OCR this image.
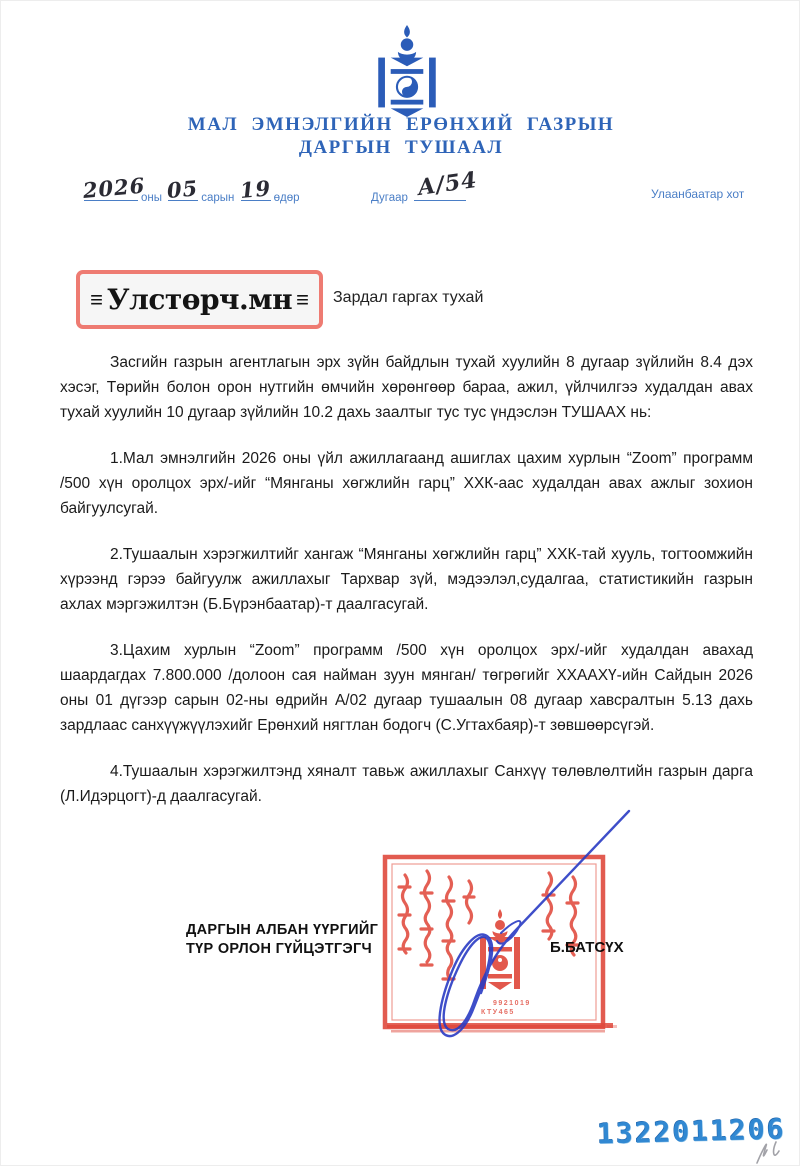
МАЛ ЭМНЭЛГИЙН ЕРӨНХИЙ ГАЗРЫН
ДАРГЫН ТУШААЛ
2026
оны 05 сарын 19 өдөр	Дугаар A/54	Улаанбаатар хот
≡ Улстөрч.мн ≡ Зардал гаргах тухай

Засгийн газрын агентлагын эрх зүйн байдлын тухай хуулийн 8 дугаар зүйлийн 8.4 дэх хэсэг, Төрийн болон орон нутгийн өмчийн хөрөнгөөр бараа, ажил, үйлчилгээ худалдан авах тухай хуулийн 10 дугаар зүйлийн 10.2 дахь заалтыг тус тус үндэслэн ТУШААХ нь:

1.Мал эмнэлгийн 2026 оны үйл ажиллагаанд ашиглах цахим хурлын “Zoom” программ /500 хүн оролцох эрх/-ийг “Мянганы хөгжлийн гарц” ХХК-аас худалдан авах ажлыг зохион байгуулсугай.

2.Тушаалын хэрэгжилтийг хангаж “Мянганы хөгжлийн гарц” ХХК-тай хууль, тогтоомжийн хүрээнд гэрээ байгуулж ажиллахыг Тархвар зүй, мэдээлэл,судалгаа, статистикийн газрын ахлах мэргэжилтэн (Б.Бүрэнбаатар)-т даалгасугай.

3.Цахим хурлын “Zoom” программ /500 хүн оролцох эрх/-ийг худалдан авахад шаардагдах 7.800.000 /долоон сая найман зуун мянган/ төгрөгийг ХХААХҮ-ийн Сайдын 2026 оны 01 дүгээр сарын 02-ны өдрийн А/02 дугаар тушаалын 08 дугаар хавсралтын 5.13 дахь зардлаас санхүүжүүлэхийг Ерөнхий нягтлан бодогч (С.Угтахбаяр)-т зөвшөөрсүгэй.

4.Тушаалын хэрэгжилтэнд хяналт тавьж ажиллахыг Санхүү төлөвлөлтийн газрын дарга (Л.Идэрцогт)-д даалгасугай.

ДАРГЫН АЛБАН ҮҮРГИЙГ
ТҮР ОРЛОН ГҮЙЦЭТГЭГЧ	Б.БАТСҮХ
9921019
КТУ465
1322011206
